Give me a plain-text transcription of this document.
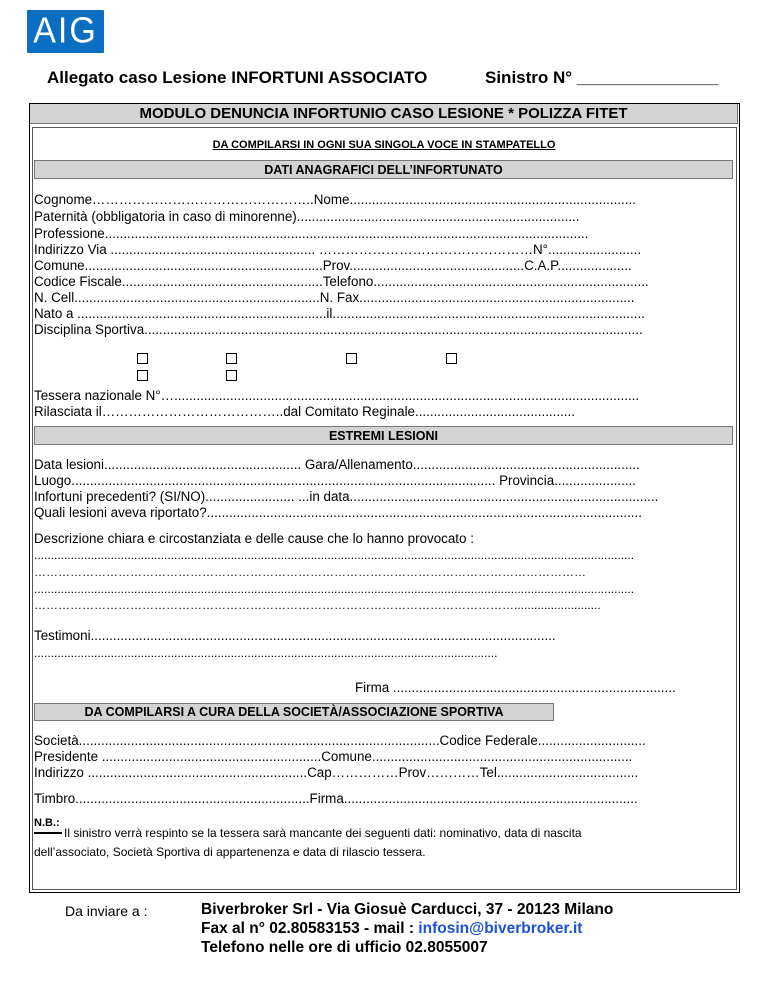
AIG
Allegato caso Lesione INFORTUNI ASSOCIATO	Sinistro N° _______________
MODULO DENUNCIA INFORTUNIO CASO LESIONE * POLIZZA FITET
DA COMPILARSI IN OGNI SUA SINGOLA VOCE IN STAMPATELLO
DATI ANAGRAFICI DELL’INFORTUNATO
Cognome…………………………………………..Nome.............................................................................
Paternità (obbligatoria in caso di minorenne)............................................................................
Professione..................................................................................................................................
Indirizzo Via ....................................................... …………………………………………N°.........................
Comune................................................................Prov...............................................C.A.P....................
Codice Fiscale......................................................Telefono..........................................................................
N. Cell..................................................................N. Fax..........................................................................
Nato a ...................................................................il....................................................................................
Disciplina Sportiva......................................................................................................................................
Tessera nazionale N°….............................................................................................................................
Rilasciata il…………………………………..dal Comitato Reginale...........................................
ESTREMI LESIONI
Data lesioni..................................................... Gara/Allenamento.............................................................
Luogo.................................................................................................................. Provincia......................
Infortuni precedenti? (SI/NO)........................ ...in data...................................................................................
Quali lesioni aveva riportato?.....................................................................................................................
Descrizione chiara e circostanziata e delle cause che lo hanno provocato :
....................................................................................................................................................................................
…………………………………………………………………………………………………………………………
....................................................................................................................................................................................
…………………………………………………………………………………………………………..........................
Testimoni.............................................................................................................................
...........................................................................................................................................
Firma ............................................................................
DA COMPILARSI A CURA DELLA SOCIETÀ/ASSOCIAZIONE SPORTIVA
Società.................................................................................................Codice Federale.............................
Presidente ...........................................................Comune......................................................................
Indirizzo ...........................................................Cap……………Prov…………Tel......................................
Timbro...............................................................Firma...............................................................................
N.B.:
Il sinistro verrà respinto se la tessera sarà mancante dei seguenti dati: nominativo, data di nascita
dell’associato, Società Sportiva di appartenenza e data di rilascio tessera.
Da inviare a :	Biverbroker Srl - Via Giosuè Carducci, 37 - 20123 Milano
Fax al n° 02.80583153 - mail : infosin@biverbroker.it
Telefono nelle ore di ufficio 02.8055007
